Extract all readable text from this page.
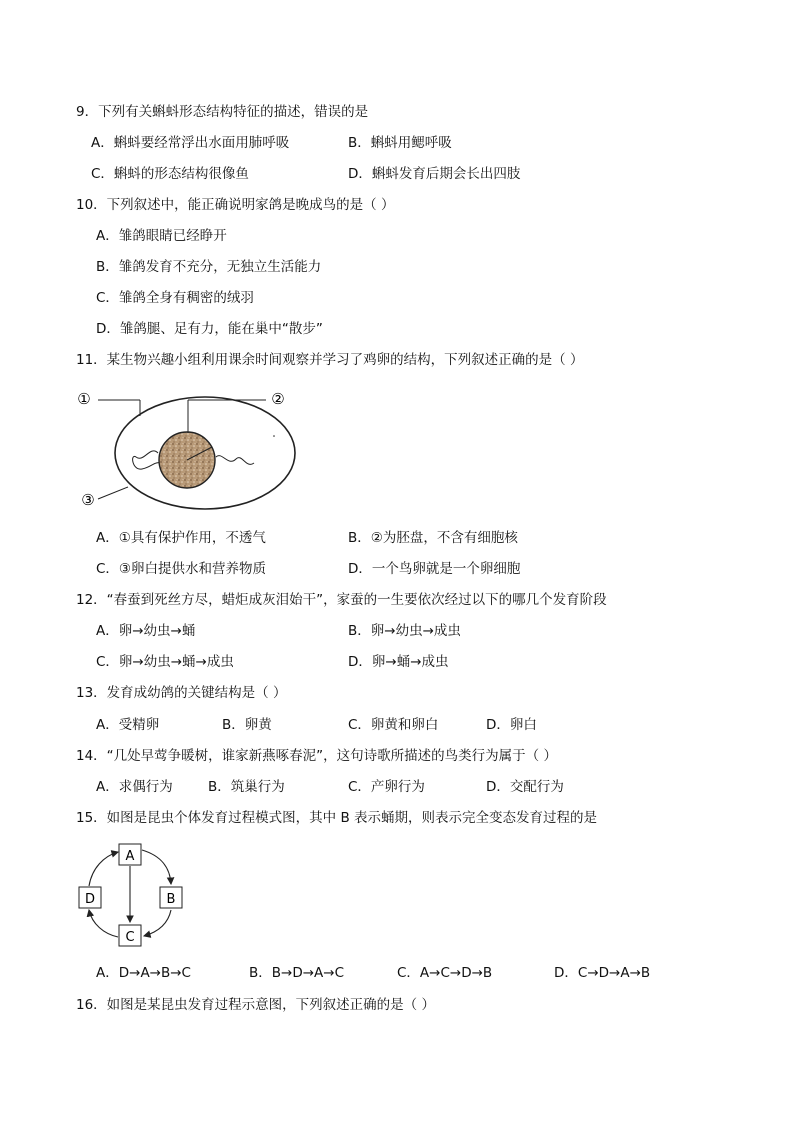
9．下列有关蝌蚪形态结构特征的描述，错误的是
A．蝌蚪要经常浮出水面用肺呼吸	B．蝌蚪用鳃呼吸
C．蝌蚪的形态结构很像鱼	D．蝌蚪发育后期会长出四肢
10．下列叙述中，能正确说明家鸽是晚成鸟的是（ ）
A．雏鸽眼睛已经睁开
B．雏鸽发育不充分，无独立生活能力
C．雏鸽全身有稠密的绒羽
D．雏鸽腿、足有力，能在巢中“散步”
11．某生物兴趣小组利用课余时间观察并学习了鸡卵的结构，下列叙述正确的是（ ）
①	②
③
A．①具有保护作用，不透气	B．②为胚盘，不含有细胞核
C．③卵白提供水和营养物质	D．一个鸟卵就是一个卵细胞
12．“春蚕到死丝方尽，蜡炬成灰泪始干”，家蚕的一生要依次经过以下的哪几个发育阶段
A．卵→幼虫→蛹	B．卵→幼虫→成虫
C．卵→幼虫→蛹→成虫	D．卵→蛹→成虫
13．发育成幼鸽的关键结构是（ ）
A．受精卵	B．卵黄	C．卵黄和卵白	D．卵白
14．“几处早莺争暖树，谁家新燕啄春泥”，这句诗歌所描述的鸟类行为属于（ ）
A．求偶行为	B．筑巢行为	C．产卵行为	D．交配行为
15．如图是昆虫个体发育过程模式图，其中 B 表示蛹期，则表示完全变态发育过程的是
A
B
C
D
A．D→A→B→C	B．B→D→A→C	C．A→C→D→B	D．C→D→A→B
16．如图是某昆虫发育过程示意图，下列叙述正确的是（ ）
